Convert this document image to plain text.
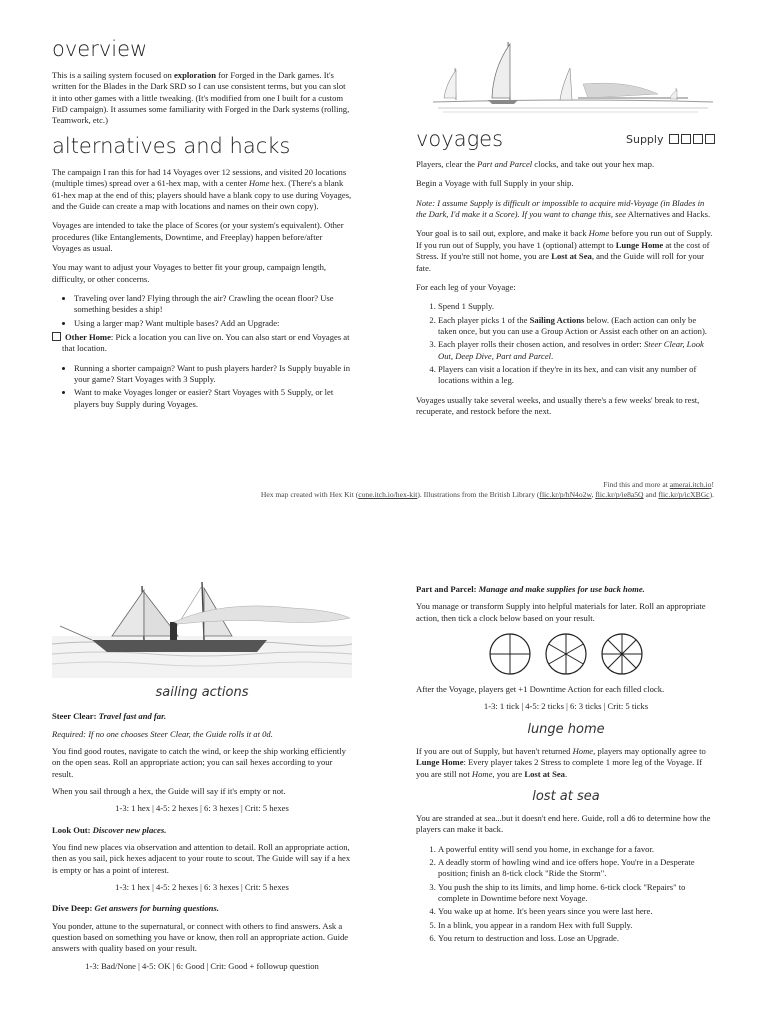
overview

This is a sailing system focused on exploration for Forged in the Dark games. It's written for the Blades in the Dark SRD so I can use consistent terms, but you can slot it into other games with a little tweaking. (It's modified from one I built for a custom FitD campaign). It assumes some familiarity with Forged in the Dark systems (rolling, Teamwork, etc.)

alternatives and hacks

The campaign I ran this for had 14 Voyages over 12 sessions, and visited 20 locations (multiple times) spread over a 61-hex map, with a center Home hex. (There's a blank 61-hex map at the end of this; players should have a blank copy to use during Voyages, and the Guide can create a map with locations and names on their own copy).

Voyages are intended to take the place of Scores (or your system's equivalent). Other procedures (like Entanglements, Downtime, and Freeplay) happen before/after Voyages as usual.

You may want to adjust your Voyages to better fit your group, campaign length, difficulty, or other concerns.

• Traveling over land? Flying through the air? Crawling the ocean floor? Use something besides a ship!
• Using a larger map? Want multiple bases? Add an Upgrade:
Other Home: Pick a location you can live on. You can also start or end Voyages at that location.
• Running a shorter campaign? Want to push players harder? Is Supply buyable in your game? Start Voyages with 3 Supply.
• Want to make Voyages longer or easier? Start Voyages with 5 Supply, or let players buy Supply during Voyages.
voyages

Players, clear the Part and Parcel clocks, and take out your hex map.

Begin a Voyage with full Supply in your ship.

Note: I assume Supply is difficult or impossible to acquire mid-Voyage (in Blades in the Dark, I'd make it a Score). If you want to change this, see Alternatives and Hacks.

Your goal is to sail out, explore, and make it back Home before you run out of Supply. If you run out of Supply, you have 1 (optional) attempt to Lunge Home at the cost of Stress. If you're still not home, you are Lost at Sea, and the Guide will roll for your fate.

For each leg of your Voyage:

1. Spend 1 Supply.
2. Each player picks 1 of the Sailing Actions below. (Each action can only be taken once, but you can use a Group Action or Assist each other on an action).
3. Each player rolls their chosen action, and resolves in order: Steer Clear, Look Out, Deep Dive, Part and Parcel.
4. Players can visit a location if they're in its hex, and can visit any number of locations within a leg.

Voyages usually take several weeks, and usually there's a few weeks' break to rest, recuperate, and restock before the next.

Supply
Find this and more at amerai.itch.io!
Hex map created with Hex Kit (cone.itch.io/hex-kit). Illustrations from the British Library (flic.kr/p/hN4o2w, flic.kr/p/ie8a5Q and flic.kr/p/icXBGc).
sailing actions

Steer Clear: Travel fast and far.

Required: If no one chooses Steer Clear, the Guide rolls it at 0d.

You find good routes, navigate to catch the wind, or keep the ship working efficiently on the open seas. Roll an appropriate action; you can sail hexes according to your result.

When you sail through a hex, the Guide will say if it's empty or not.

1-3: 1 hex | 4-5: 2 hexes | 6: 3 hexes | Crit: 5 hexes

Look Out: Discover new places.

You find new places via observation and attention to detail. Roll an appropriate action, then as you sail, pick hexes adjacent to your route to scout. The Guide will say if a hex is empty or has a point of interest.

1-3: 1 hex | 4-5: 2 hexes | 6: 3 hexes | Crit: 5 hexes

Dive Deep: Get answers for burning questions.

You ponder, attune to the supernatural, or connect with others to find answers. Ask a question based on something you have or know, then roll an appropriate action. Guide answers with quality based on your result.

1-3: Bad/None | 4-5: OK | 6: Good | Crit: Good + followup question

Part and Parcel: Manage and make supplies for use back home.

You manage or transform Supply into helpful materials for later. Roll an appropriate action, then tick a clock below based on your result.

After the Voyage, players get +1 Downtime Action for each filled clock.

1-3: 1 tick | 4-5: 2 ticks | 6: 3 ticks | Crit: 5 ticks

lunge home

If you are out of Supply, but haven't returned Home, players may optionally agree to Lunge Home: Every player takes 2 Stress to complete 1 more leg of the Voyage. If you are still not Home, you are Lost at Sea.

lost at sea

You are stranded at sea...but it doesn't end here. Guide, roll a d6 to determine how the players can make it back.

1. A powerful entity will send you home, in exchange for a favor.
2. A deadly storm of howling wind and ice offers hope. You're in a Desperate position; finish an 8-tick clock "Ride the Storm".
3. You push the ship to its limits, and limp home. 6-tick clock "Repairs" to complete in Downtime before next Voyage.
4. You wake up at home. It's been years since you were last here.
5. In a blink, you appear in a random Hex with full Supply.
6. You return to destruction and loss. Lose an Upgrade.
